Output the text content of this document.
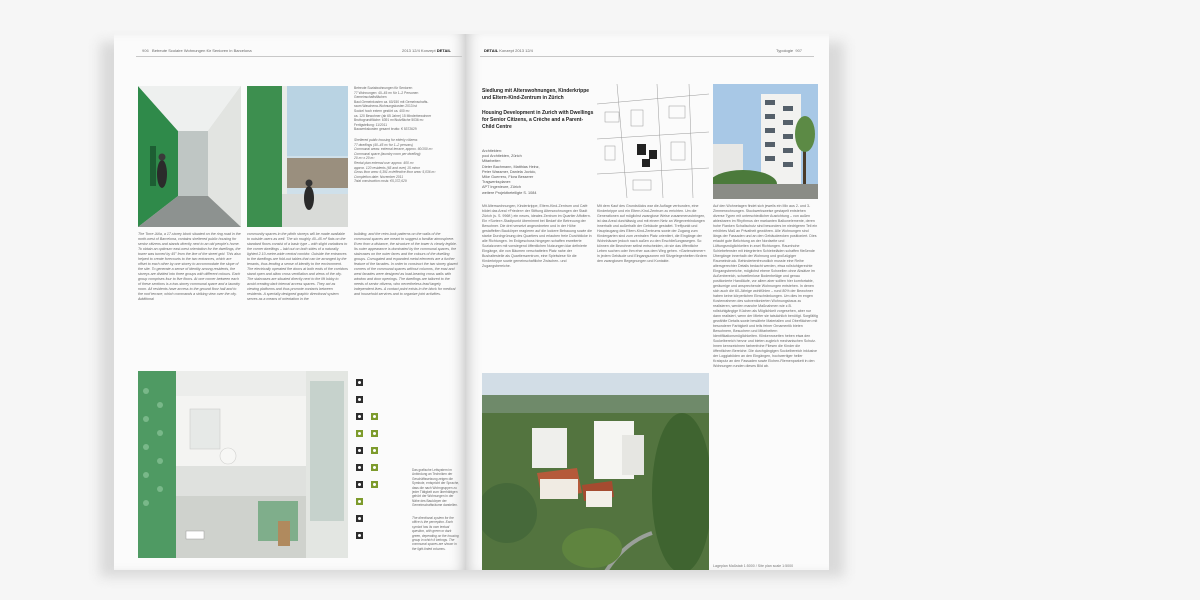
906 Betreute Scolaire Wohnungen für Senioren in Barcelona	2013 12/4 Konzept DETAIL
Betreute Sozialwohnungen für Senioren
77 Wohnungen: 40–45 m² für 1–2 Personen
Gemeinschaftsflächen
Baul.Gemeinkosten ca. 60/150 mit Gemeinschafts-
raum Waschena-Wohnungskosten 2013 ist
Sockel hoch extern gestört ca. 400 m²
ca. 120 Bewohner (ab 65 Jahre) 15 Minderbewohner
Bruttogrundfläche: 6391 m²/Nutzfläche 5036 m²
Fertigstellung: 11/2011
Bauwerkskosten gesamt brutto: € 5372629
Sheltered public housing for elderly citizens
77 dwellings (40–45 m² for 1–2 persons)
Communal areas: external terrace, approx. 60/150 m²
Communal space (laundry room per dwelling)
20 m² x 20 m²
Rental plan external use: approx. 400 m²
approx. 120 residents (65 and over) 15 minor
Gross floor area: 6,391 m²/effective floor area: 5,036 m²
Completion date: November 2011
Total construction costs: €5,372,629
The Torre Júlia, a 17-storey block situated on the ring road in the north-west of Barcelona, contains sheltered public housing for senior citizens and stands directly next to an old people's home. To obtain an optimum east-west orientation for the dwellings, the tower was turned by 45° from the line of the street grid. This also helped to create forecourts to the two entrances, which are offset to each other by one storey to accommodate the slope of the site. To generate a sense of identity among residents, the storeys are divided into three groups with different colours. Each group comprises four to five floors. At one corner between each of these sections is a two-storey communal space and a laundry room. All residents have access to the ground floor hall and to the roof terrace, which commands a striking view over the city. Additional
community spaces in the plinth storeys will be made available to outside users as well. The six roughly 40–45 m² flats on the standard floors consist of a basic type – with slight variations to the corner dwellings – laid out on both sides of a naturally lighted 2.10-metre-wide central corridor. Outside the entrances to the dwellings are fold-out tables that can be arranged by the tenants, thus lending a sense of identity to the environment. The electrically operated fire doors at both ends of the corridors stand open and allow cross ventilation and views of the city. The staircases are situated directly next to the lift lobby to avoid creating dark internal access spaces. They act as viewing platforms and thus promote contacts between residents. A specially designed graphic directional system serves as a means of orientation in the
building, and the retro-look patterns on the walls of the communal spaces are meant to suggest a familiar atmosphere. Even from a distance, the structure of the tower is clearly legible. Its outer appearance is dominated by the communal spaces, the staircases on the outer faces and the colours of the dwelling groups. Corrugated and expanded metal elements are a further feature of the facades. In order to construct the two storey glazed corners of the communal spaces without columns, the east and west facades were designed as load-bearing cross walls with window and door openings. The dwellings are tailored to the needs of senior citizens, who nevertheless lead largely independent lives. A contact point exists in the block for medical and household services and to organize joint activities.
Das grafische Leitsystem im Anbindung an Techniken der Geschäftssetzung zeigen die Symbole, entspricht der Sprache, dass die nach Wohngruppen zu jeder Tätigkeit zum überhäbigen gehört der Wohnungen in der Nähe des Baukörper der Gemeinschaftsräume darstellen.
The directional system for the office is the perception. Each symbol has its own textual question, with green or dark green, depending on the housing group in which it belongs. The communal spaces are shown in the light-tinted columns.
DETAIL Konzept 2013 12/4	Typologie 907
Siedlung mit Alterswohnungen, Kinderkrippe und Eltern-Kind-Zentrum in Zürich
Housing Development in Zurich with Dwellings for Senior Citizens, a Crèche and a Parent-Child Centre
Architekten:
pool Architekten, Zürich
Mitarbeiter:
Dieter Bachmann, Matthias Heinz,
Peter Wassmer, Daniela Jovicic,
Mike Guerrero, Flora Besserer
Tragwerksplaner:
APT Ingenieure, Zürich
weitere Projektbeteiligte S. 1084
Mit Alterswohnungen, Kinderkrippe, Eltern-Kind-Zentrum und Café bildet das Areal »Frieden« der Stiftung Alterswohnungen der Stadt Zürich (s. S. 996ff.) ein neues, ideales Zentrum im Quartier Affoltern. Ein »Sortex«-Stadtpunkt übernimmt bei Bedarf die Betreuung der Bewohner. Die drei versetzt angeordneten und in der Höhe gestaffelten Baukörper reagieren auf die lockere Bebauung sowie die starke Durchgrünung des Quartiers und erlauben freie Durchblicke in alle Richtungen. Im Erdgeschoss hingegen schaffen erweiterte Sozialzonen mit vorwiegend öffentlichen Nutzungen klar definierte Eingänge, die von Bäumen verschatteten Platz nahe der Bushaltestelle als Quartierszentrum, eine Spielwiese für die Kinderkrippe sowie gemeinschaftliche Zwischen- und Zugangsbereiche.
Mit dem Kauf des Grundstücks war die Auflage verbunden, eine Kinderkrippe und ein Eltern-Kind-Zentrum zu errichten. Um die Generationen auf möglichst zwanglose Weise zusammenzubringen, ist das Areal durchlässig und mit einem Netz an Wegeverbindungen innerhalb und außerhalb der Gebäude gestaltet. Treffpunkt und Hauptzugang des Eltern-Kind-Zentrums sowie der Zugang zum Kindergarten sind zum zentralen Platz orientiert, die Eingänge der Wohnhäuser jedoch nach außen zu den Erschließungswegen. So können die Bewohner selbst entscheiden, ob sie das öffentliche Leben suchen oder ihm eher aus dem Weg gehen. »Gartenzimmer« in jedem Gebäude und Eingangszonen mit Sitzgelegenheiten fördern den zwanglosen Begegnungen und Kontakte.
Auf den Wohnetagen findet sich jeweils ein Mix aus 2- und 3-Zimmerwohnungen. Stockwerksweise gestapelt entstehen diverse Typen mit unterschiedlicher Ausrichtung – von außen ablesbaren im Rhythmus der markanten Balkonelemente, deren hohe Flanken Schallschutz sind besonders im niedrigeren Teil ein erhöhtes Maß an Privatheit gewähren. Alle Wohnungen sind längs der Fassaden und an den Gebäudeecken positioniert. Dies erlaubt gute Belichtung an der Nordseite und Lüftungsmöglichkeiten in zwei Richtungen. Raumhohe Schiebefenster mit integrierten Schiebeläden schaffen fließende Übergänge innerhalb der Wohnung und großzügiger Raumeindruck. Behindertenfreundlich musste eine Reihe altersgerechter Details bedacht werden, etwa rollstuhlgerechte Eingangsbereiche, möglichst ebene Schwellen ohne Absätze im Außenbereich, schwellenlose Bodenbeläge und genau positionierte Handläufe, vor allem aber sollten hier komfortable, geräumige und ansprechende Wohnungen entstehen. In denen sich auch die 60-Jährige wohlfühlen – rund 80% der Bewohner haben keine körperlichen Einschränkungen. Um dies im engen Kostenrahmen des subventionierten Wohnungsbaus zu realisieren, werden manche Maßnahmen wie z.B. rollstuhlgängige Küchen als Möglichkeit vorgesehen, aber nur dann realisiert, wenn der Mieter sie tatsächlich benötigt. Sorgfältig gewählte Details sowie bewährte Materialien und Oberflächen mit besonderer Farbigkeit und teils feiner Ornamentik bieten Bewohnern, Besuchern und Mitarbeitern Identifikationsmöglichkeiten. Klinkenrosetten heben etwa den Sockelbereich hervor und bieten zugleich mechanischen Schutz. Innen kennzeichnen farbenfrohe Fliesen die Kinder die öffentlichen Bereiche. Die durchgängigen Sockelbereich inklusive der Loggiaböden an den Eingängen, hochwertiger heller Kratzputz an den Fassaden sowie Eichen-Riemenparkett in den Wohnungen runden dieses Bild ab.
Lageplan Maßstab 1:5000 / Site plan scale 1:5000
